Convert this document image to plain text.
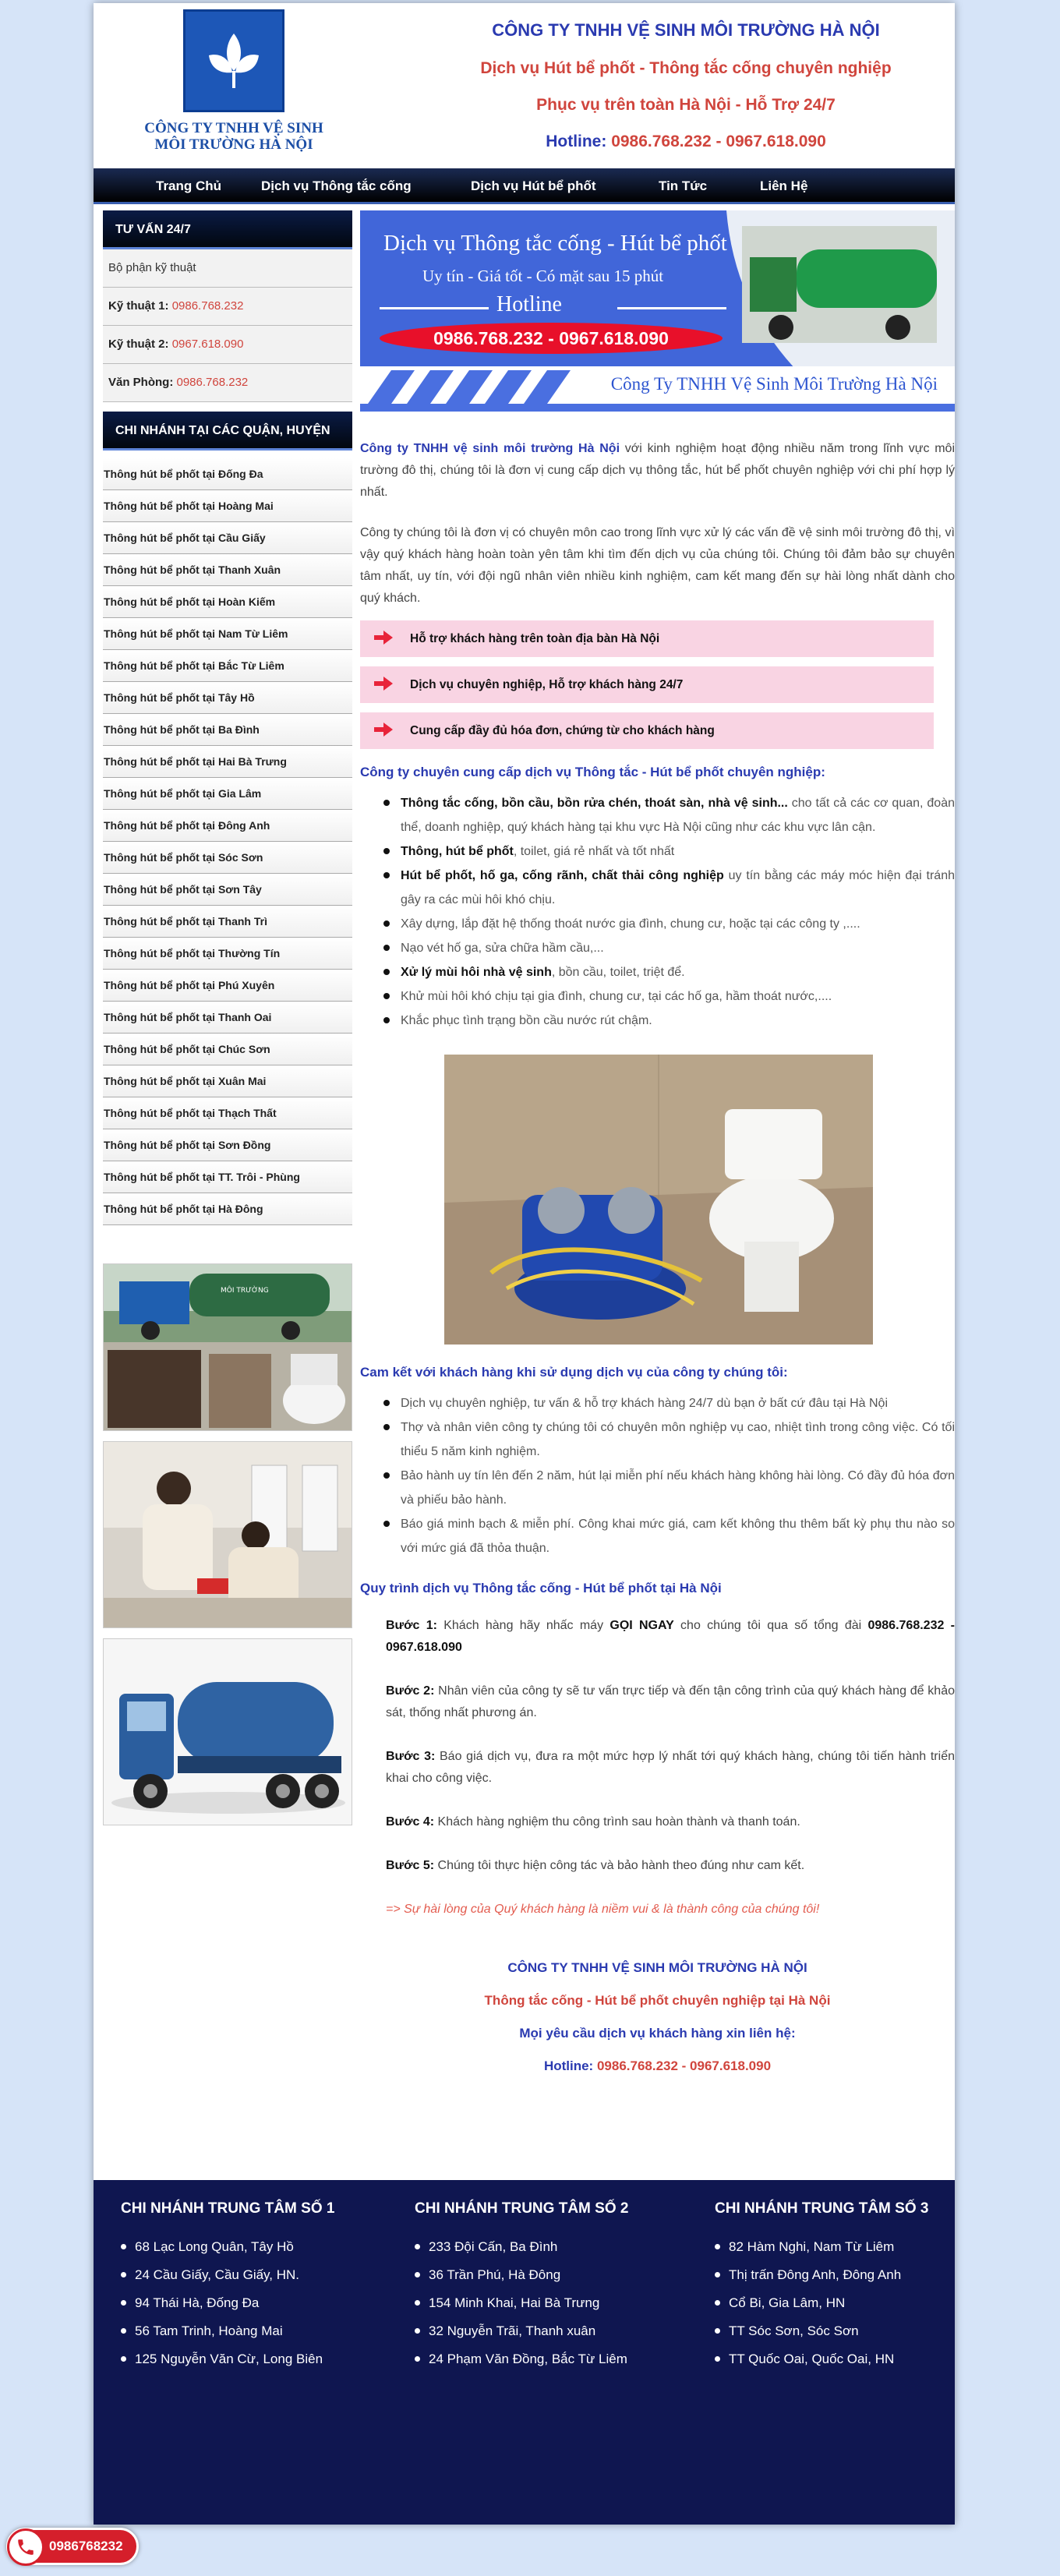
CÔNG TY TNHH VỆ SINH
MÔI TRƯỜNG HÀ NỘI
CÔNG TY TNHH VỆ SINH MÔI TRƯỜNG HÀ NỘI
Dịch vụ Hút bể phốt - Thông tắc cống chuyên nghiệp
Phục vụ trên toàn Hà Nội - Hỗ Trợ 24/7
Hotline: 0986.768.232 - 0967.618.090
Trang Chủ	Dịch vụ Thông tắc cống	Dịch vụ Hút bể phốt	Tin Tức	Liên Hệ
TƯ VẤN 24/7
Bộ phận kỹ thuật
Kỹ thuật 1: 0986.768.232
Kỹ thuật 2: 0967.618.090
Văn Phòng: 0986.768.232
CHI NHÁNH TẠI CÁC QUẬN, HUYỆN
Thông hút bể phốt tại Đống Đa
Thông hút bể phốt tại Hoàng Mai
Thông hút bể phốt tại Cầu Giấy
Thông hút bể phốt tại Thanh Xuân
Thông hút bể phốt tại Hoàn Kiếm
Thông hút bể phốt tại Nam Từ Liêm
Thông hút bể phốt tại Bắc Từ Liêm
Thông hút bể phốt tại Tây Hồ
Thông hút bể phốt tại Ba Đình
Thông hút bể phốt tại Hai Bà Trưng
Thông hút bể phốt tại Gia Lâm
Thông hút bể phốt tại Đông Anh
Thông hút bể phốt tại Sóc Sơn
Thông hút bể phốt tại Sơn Tây
Thông hút bể phốt tại Thanh Trì
Thông hút bể phốt tại Thường Tín
Thông hút bể phốt tại Phú Xuyên
Thông hút bể phốt tại Thanh Oai
Thông hút bể phốt tại Chúc Sơn
Thông hút bể phốt tại Xuân Mai
Thông hút bể phốt tại Thạch Thất
Thông hút bể phốt tại Sơn Đồng
Thông hút bể phốt tại TT. Trôi - Phùng
Thông hút bể phốt tại Hà Đông
MÔI TRƯỜNG
Dịch vụ Thông tắc cống - Hút bể phốt
Uy tín - Giá tốt - Có mặt sau 15 phút
Hotline
0986.768.232 - 0967.618.090
Công Ty TNHH Vệ Sinh Môi Trường Hà Nội

Công ty TNHH vệ sinh môi trường Hà Nội với kinh nghiệm hoạt động nhiều năm trong lĩnh vực môi trường đô thị, chúng tôi là đơn vị cung cấp dịch vụ thông tắc, hút bể phốt chuyên nghiệp với chi phí hợp lý nhất.

Công ty chúng tôi là đơn vị có chuyên môn cao trong lĩnh vực xử lý các vấn đề vệ sinh môi trường đô thị, vì vậy quý khách hàng hoàn toàn yên tâm khi tìm đến dịch vụ của chúng tôi. Chúng tôi đảm bảo sự chuyên tâm nhất, uy tín, với đội ngũ nhân viên nhiều kinh nghiệm, cam kết mang đến sự hài lòng nhất dành cho quý khách.

Hỗ trợ khách hàng trên toàn địa bàn Hà Nội
Dịch vụ chuyên nghiệp, Hỗ trợ khách hàng 24/7
Cung cấp đầy đủ hóa đơn, chứng từ cho khách hàng
Công ty chuyên cung cấp dịch vụ Thông tắc - Hút bể phốt chuyên nghiệp:
Thông tắc cống, bồn cầu, bồn rửa chén, thoát sàn, nhà vệ sinh... cho tất cả các cơ quan, đoàn thể, doanh nghiệp, quý khách hàng tại khu vực Hà Nội cũng như các khu vực lân cận.
Thông, hút bể phốt, toilet, giá rẻ nhất và tốt nhất
Hút bể phốt, hố ga, cống rãnh, chất thải công nghiệp uy tín bằng các máy móc hiện đại tránh gây ra các mùi hôi khó chịu.
Xây dựng, lắp đặt hệ thống thoát nước gia đình, chung cư, hoặc tại các công ty ,....
Nạo vét hố ga, sửa chữa hầm cầu,...
Xử lý mùi hôi nhà vệ sinh, bồn cầu, toilet, triệt để.
Khử mùi hôi khó chịu tại gia đình, chung cư, tại các hố ga, hầm thoát nước,....
Khắc phục tình trạng bồn cầu nước rút chậm.
Cam kết với khách hàng khi sử dụng dịch vụ của công ty chúng tôi:
Dịch vụ chuyên nghiệp, tư vấn & hỗ trợ khách hàng 24/7 dù bạn ở bất cứ đâu tại Hà Nội
Thợ và nhân viên công ty chúng tôi có chuyên môn nghiệp vụ cao, nhiệt tình trong công việc. Có tối thiểu 5 năm kinh nghiệm.
Bảo hành uy tín lên đến 2 năm, hút lại miễn phí nếu khách hàng không hài lòng. Có đầy đủ hóa đơn và phiếu bảo hành.
Báo giá minh bạch & miễn phí. Công khai mức giá, cam kết không thu thêm bất kỳ phụ thu nào so với mức giá đã thỏa thuận.
Quy trình dịch vụ Thông tắc cống - Hút bể phốt tại Hà Nội

Bước 1: Khách hàng hãy nhấc máy GỌI NGAY cho chúng tôi qua số tổng đài 0986.768.232 - 0967.618.090

Bước 2: Nhân viên của công ty sẽ tư vấn trực tiếp và đến tận công trình của quý khách hàng để khảo sát, thống nhất phương án.

Bước 3: Báo giá dịch vụ, đưa ra một mức hợp lý nhất tới quý khách hàng, chúng tôi tiến hành triển khai cho công việc.

Bước 4: Khách hàng nghiệm thu công trình sau hoàn thành và thanh toán.

Bước 5: Chúng tôi thực hiện công tác và bảo hành theo đúng như cam kết.

=> Sự hài lòng của Quý khách hàng là niềm vui & là thành công của chúng tôi!

CÔNG TY TNHH VỆ SINH MÔI TRƯỜNG HÀ NỘI
Thông tắc cống - Hút bể phốt chuyên nghiệp tại Hà Nội
Mọi yêu cầu dịch vụ khách hàng xin liên hệ:
Hotline: 0986.768.232 - 0967.618.090
CHI NHÁNH TRUNG TÂM SỐ 1
68 Lạc Long Quân, Tây Hồ
24 Cầu Giấy, Cầu Giấy, HN.
94 Thái Hà, Đống Đa
56 Tam Trinh, Hoàng Mai
125 Nguyễn Văn Cừ, Long Biên
CHI NHÁNH TRUNG TÂM SỐ 2
233 Đội Cấn, Ba Đình
36 Trần Phú, Hà Đông
154 Minh Khai, Hai Bà Trưng
32 Nguyễn Trãi, Thanh xuân
24 Phạm Văn Đồng, Bắc Từ Liêm
CHI NHÁNH TRUNG TÂM SỐ 3
82 Hàm Nghi, Nam Từ Liêm
Thị trấn Đông Anh, Đông Anh
Cổ Bi, Gia Lâm, HN
TT Sóc Sơn, Sóc Sơn
TT Quốc Oai, Quốc Oai, HN
0986768232
